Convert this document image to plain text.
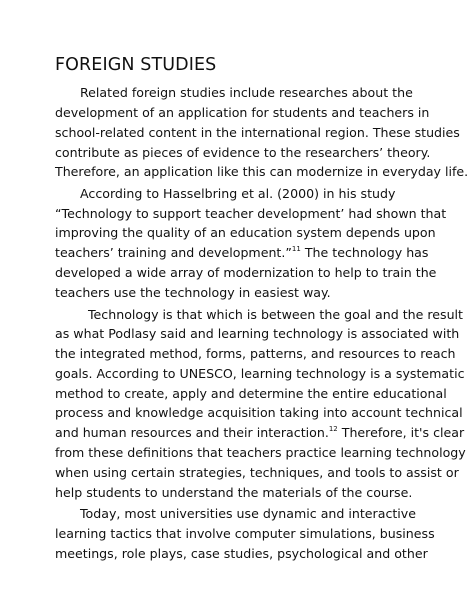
FOREIGN STUDIES
Related foreign studies include researches about the
development of an application for students and teachers in
school-related content in the international region. These studies
contribute as pieces of evidence to the researchers’ theory.
Therefore, an application like this can modernize in everyday life.
According to Hasselbring et al. (2000) in his study
“Technology to support teacher development’ had shown that
improving the quality of an education system depends upon
teachers’ training and development.”$^{11}$ The technology has
developed a wide array of modernization to help to train the
teachers use the technology in easiest way.
Technology is that which is between the goal and the result
as what Podlasy said and learning technology is associated with
the integrated method, forms, patterns, and resources to reach
goals. According to UNESCO, learning technology is a systematic
method to create, apply and determine the entire educational
process and knowledge acquisition taking into account technical
and human resources and their interaction.$^{12}$ Therefore, it's clear
from these definitions that teachers practice learning technology
when using certain strategies, techniques, and tools to assist or
help students to understand the materials of the course.
Today, most universities use dynamic and interactive
learning tactics that involve computer simulations, business
meetings, role plays, case studies, psychological and other
